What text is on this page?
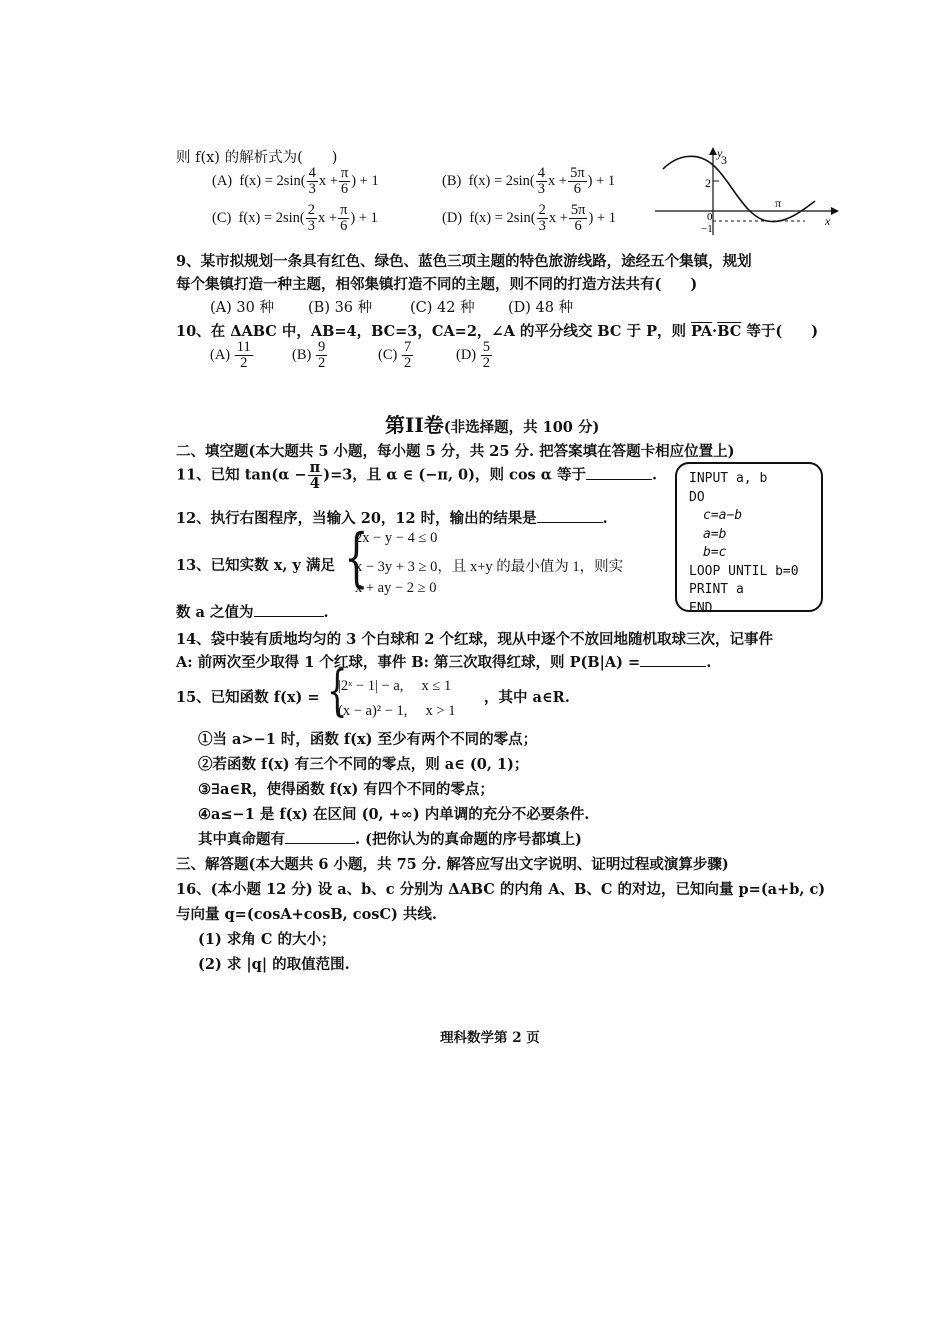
则 f(x) 的解析式为(　　)
(A) $f(x) = 2\sin( \frac{4}{3}$ $x + \frac{\pi}{6}$ ) + 1	(B) $f(x) = 2\sin( \frac{4}{3}$ $x + \frac{5\pi}{6}$ ) + 1
(C) $f(x) = 2\sin( \frac{2}{3}$ $x + \frac{\pi}{6}$ ) + 1	(D) $f(x) = 2\sin( \frac{2}{3}$ $x + \frac{5\pi}{6}$ ) + 1
3
2
0
−1
π
x
y
9、某市拟规划一条具有红色、绿色、蓝色三项主题的特色旅游线路，途经五个集镇，规划
每个集镇打造一种主题，相邻集镇打造不同的主题，则不同的打造方法共有(　　)
(A) 30 种 (B) 36 种	(C) 42 种 (D) 48 种
10、在 ΔABC 中，AB=4，BC=3，CA=2，∠A 的平分线交 BC 于 P，则 $\overline{PA}\cdot\overline{BC}$ 等于(　　)
$(A) \frac{11}{2}$	$(B) \frac{9}{2}$	$(C) \frac{7}{2}$	$(D) \frac{5}{2}$
第II卷(非选择题，共 100 分)
二、填空题(本大题共 5 小题，每小题 5 分，共 25 分. 把答案填在答题卡相应位置上)
11、已知 $\tan(\alpha - \frac{\pi}{4} )=3$，且 α ∈ (−π, 0)，则 cos α 等于	. INPUT a, b
DO
c=a−b
a=b
b=c
LOOP UNTIL b=0
PRINT a
END
12、执行右图程序，当输入 20，12 时，输出的结果是	.
13、已知实数 x, y 满足 {
2x − y − 4 ≤ 0
x − 3y + 3 ≥ 0，且 x+y 的最小值为 1，则实
x + ay − 2 ≥ 0
数 a 之值为	.
14、袋中装有质地均匀的 3 个白球和 2 个红球，现从中逐个不放回地随机取球三次，记事件
A: 前两次至少取得 1 个红球，事件 B: 第三次取得红球，则 P(B|A) =	.
15、已知函数 f(x) = {
|2ˣ − 1| − a,　 x ≤ 1
(x − a)² − 1,　 x > 1
，其中 a∈R.
①当 a>−1 时，函数 f(x) 至少有两个不同的零点；
②若函数 f(x) 有三个不同的零点，则 a∈ (0, 1)；
③∃a∈R，使得函数 f(x) 有四个不同的零点；
④a≤−1 是 f(x) 在区间 (0, +∞) 内单调的充分不必要条件.
其中真命题有	. (把你认为的真命题的序号都填上)
三、解答题(本大题共 6 小题，共 75 分. 解答应写出文字说明、证明过程或演算步骤)
16、(本小题 12 分) 设 a、b、c 分别为 ΔABC 的内角 A、B、C 的对边，已知向量 p=(a+b, c)
与向量 q=(cosA+cosB, cosC) 共线.
(1) 求角 C 的大小；
(2) 求 |q| 的取值范围.
理科数学第 2 页
